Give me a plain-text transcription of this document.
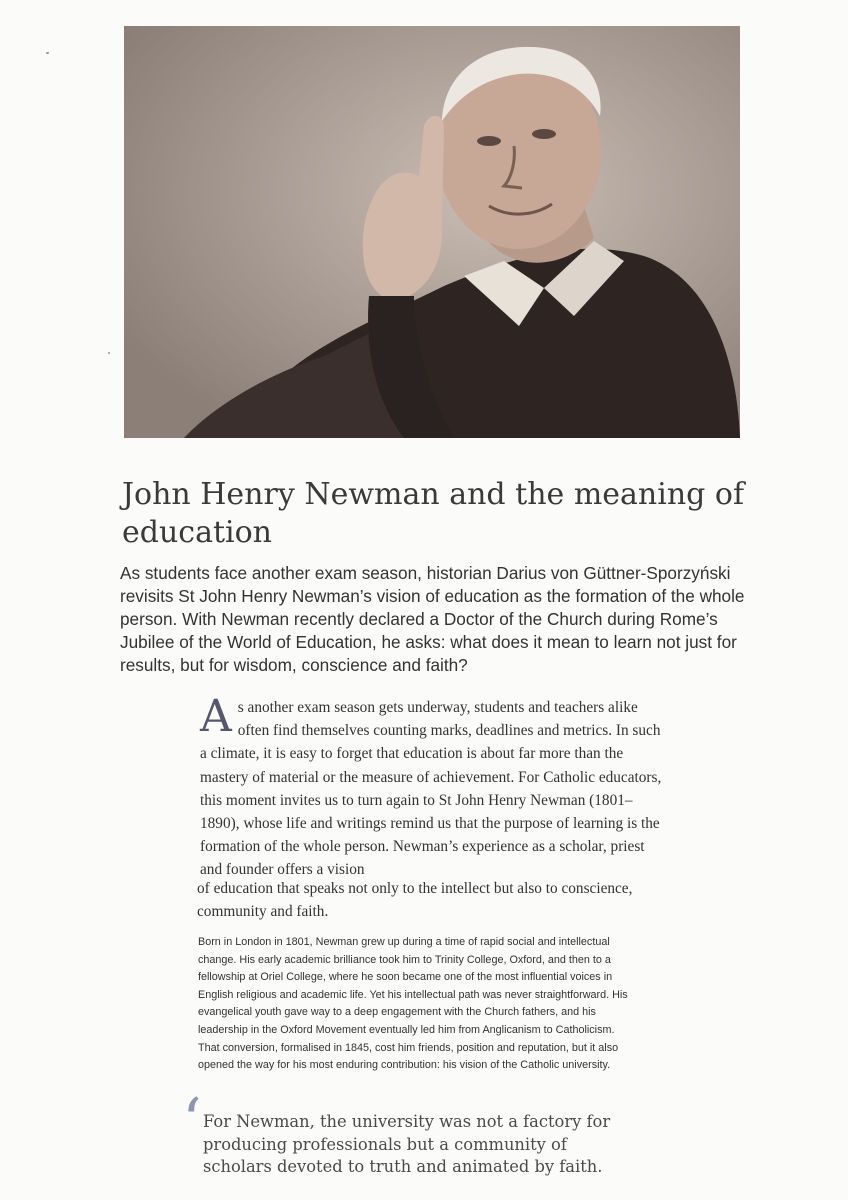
John Henry Newman and the meaning of education

As students face another exam season, historian Darius von Güttner-Sporzyński revisits St John Henry Newman’s vision of education as the formation of the whole person. With Newman recently declared a Doctor of the Church during Rome’s Jubilee of the World of Education, he asks: what does it mean to learn not just for results, but for wisdom, conscience and faith?

As another exam season gets underway, students and teachers alike often find themselves counting marks, deadlines and metrics. In such a climate, it is easy to forget that education is about far more than the mastery of material or the measure of achievement. For Catholic educators, this moment invites us to turn again to St John Henry Newman (1801–1890), whose life and writings remind us that the purpose of learning is the formation of the whole person. Newman’s experience as a scholar, priest and founder offers a vision

of education that speaks not only to the intellect but also to conscience, community and faith.

Born in London in 1801, Newman grew up during a time of rapid social and intellectual change. His early academic brilliance took him to Trinity College, Oxford, and then to a fellowship at Oriel College, where he soon became one of the most influential voices in English religious and academic life. Yet his intellectual path was never straightforward. His evangelical youth gave way to a deep engagement with the Church fathers, and his leadership in the Oxford Movement eventually led him from Anglicanism to Catholicism. That conversion, formalised in 1845, cost him friends, position and reputation, but it also opened the way for his most enduring contribution: his vision of the Catholic university.

‘ For Newman, the university was not a factory for producing professionals but a community of scholars devoted to truth and animated by faith.
